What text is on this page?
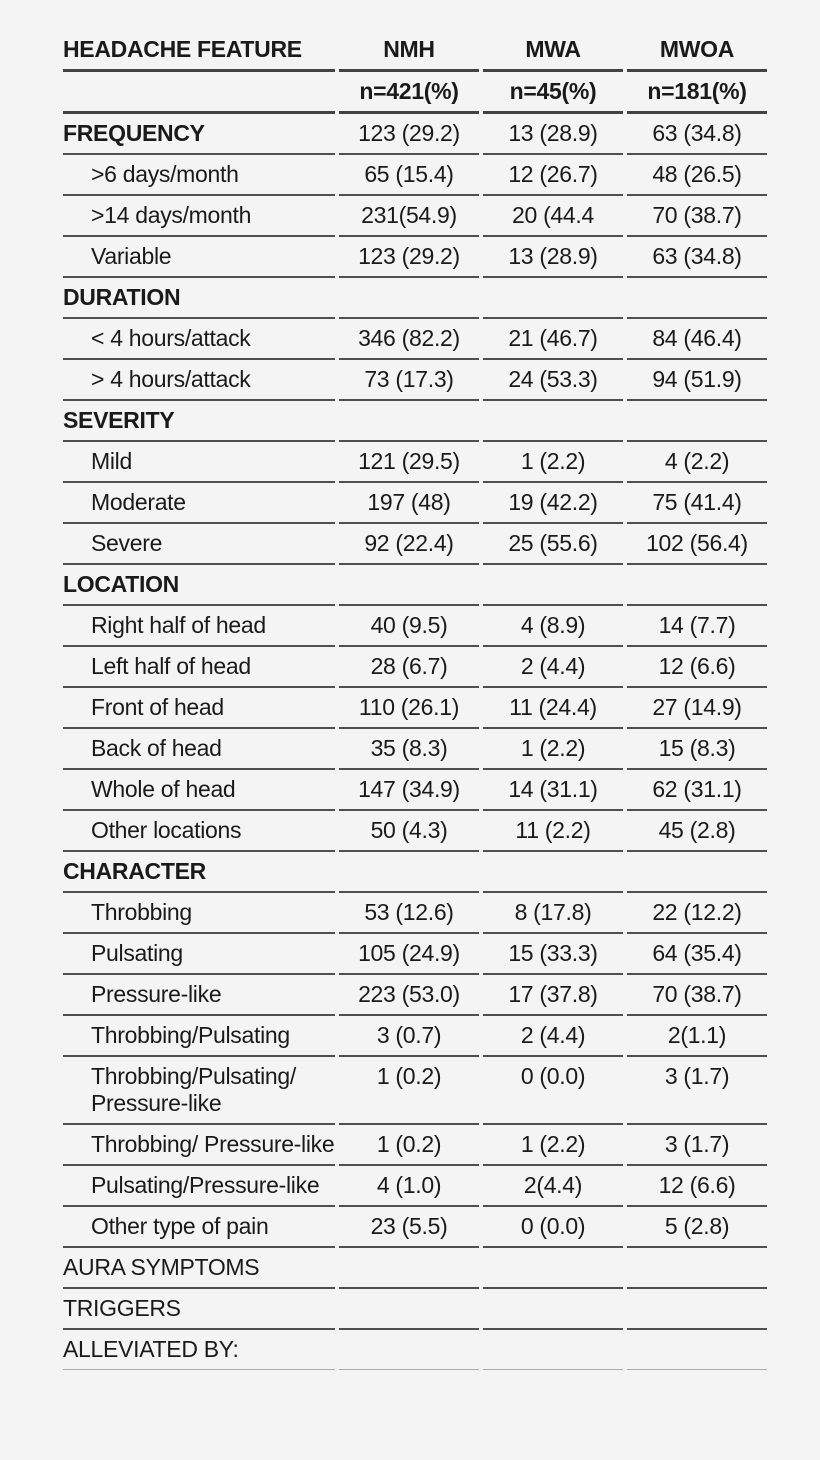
HEADACHE FEATURE	NMH	MWA	MWOA
	n=421(%)	n=45(%)	n=181(%)
FREQUENCY	123 (29.2)	13 (28.9)	63 (34.8)
>6 days/month	65 (15.4)	12 (26.7)	48 (26.5)
>14 days/month	231(54.9)	20 (44.4	70 (38.7)
Variable	123 (29.2)	13 (28.9)	63 (34.8)
DURATION			
< 4 hours/attack	346 (82.2)	21 (46.7)	84 (46.4)
> 4 hours/attack	73 (17.3)	24 (53.3)	94 (51.9)
SEVERITY			
Mild	121 (29.5)	1 (2.2)	4 (2.2)
Moderate	197 (48)	19 (42.2)	75 (41.4)
Severe	92 (22.4)	25 (55.6)	102 (56.4)
LOCATION			
Right half of head	40 (9.5)	4 (8.9)	14 (7.7)
Left half of head	28 (6.7)	2 (4.4)	12 (6.6)
Front of head	110 (26.1)	11 (24.4)	27 (14.9)
Back of head	35 (8.3)	1 (2.2)	15 (8.3)
Whole of head	147 (34.9)	14 (31.1)	62 (31.1)
Other locations	50 (4.3)	11 (2.2)	45 (2.8)
CHARACTER			
Throbbing	53 (12.6)	8 (17.8)	22 (12.2)
Pulsating	105 (24.9)	15 (33.3)	64 (35.4)
Pressure-like	223 (53.0)	17 (37.8)	70 (38.7)
Throbbing/Pulsating	3 (0.7)	2 (4.4)	2(1.1)
Throbbing/Pulsating/ Pressure-like	1 (0.2)	0 (0.0)	3 (1.7)
Throbbing/ Pressure-like	1 (0.2)	1 (2.2)	3 (1.7)
Pulsating/Pressure-like	4 (1.0)	2(4.4)	12 (6.6)
Other type of pain	23 (5.5)	0 (0.0)	5 (2.8)
AURA SYMPTOMS			
TRIGGERS			
ALLEVIATED BY:			
